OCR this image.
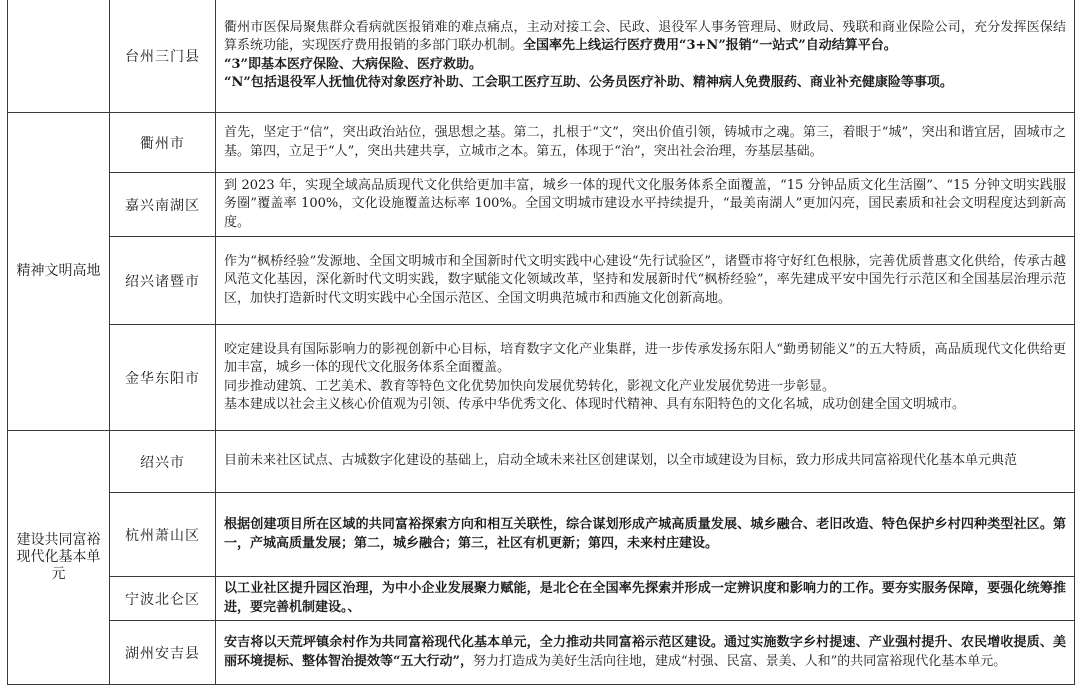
	台州三门县	衢州市医保局聚焦群众看病就医报销难的难点痛点，主动对接工会、民政、退役军人事务管理局、财政局、残联和商业保险公司，充分发挥医保结算系统功能，实现医疗费用报销的多部门联办机制。全国率先上线运行医疗费用“3+N”报销“一站式”自动结算平台。
“3”即基本医疗保险、大病保险、医疗救助。
“N”包括退役军人抚恤优待对象医疗补助、工会职工医疗互助、公务员医疗补助、精神病人免费服药、商业补充健康险等事项。

精神文明高地	衢州市	首先，坚定于“信”，突出政治站位，强思想之基。第二，扎根于“文”，突出价值引领，铸城市之魂。第三，着眼于“城”，突出和谐宜居，固城市之基。第四，立足于“人”，突出共建共享，立城市之本。第五，体现于“治”，突出社会治理，夯基层基础。
	嘉兴南湖区	到 2023 年，实现全域高品质现代文化供给更加丰富，城乡一体的现代文化服务体系全面覆盖，“15 分钟品质文化生活圈”、“15 分钟文明实践服务圈”覆盖率 100%，文化设施覆盖达标率 100%。全国文明城市建设水平持续提升，“最美南湖人”更加闪亮，国民素质和社会文明程度达到新高度。
	绍兴诸暨市	作为“枫桥经验”发源地、全国文明城市和全国新时代文明实践中心建设“先行试验区”，诸暨市将守好红色根脉，完善优质普惠文化供给，传承古越风范文化基因，深化新时代文明实践，数字赋能文化领域改革，坚持和发展新时代“枫桥经验”，率先建成平安中国先行示范区和全国基层治理示范区，加快打造新时代文明实践中心全国示范区、全国文明典范城市和西施文化创新高地。
	金华东阳市	咬定建设具有国际影响力的影视创新中心目标，培育数字文化产业集群，进一步传承发扬东阳人“勤勇韧能义”的五大特质，高品质现代文化供给更加丰富，城乡一体的现代文化服务体系全面覆盖。
同步推动建筑、工艺美术、教育等特色文化优势加快向发展优势转化，影视文化产业发展优势进一步彰显。
基本建成以社会主义核心价值观为引领、传承中华优秀文化、体现时代精神、具有东阳特色的文化名城，成功创建全国文明城市。

建设共同富裕现代化基本单元	绍兴市	目前未来社区试点、古城数字化建设的基础上，启动全域未来社区创建谋划，以全市域建设为目标，致力形成共同富裕现代化基本单元典范
	杭州萧山区	根据创建项目所在区域的共同富裕探索方向和相互关联性，综合谋划形成产城高质量发展、城乡融合、老旧改造、特色保护乡村四种类型社区。第一，产城高质量发展；第二，城乡融合；第三，社区有机更新；第四，未来村庄建设。
	宁波北仑区	以工业社区提升园区治理，为中小企业发展聚力赋能，是北仑在全国率先探索并形成一定辨识度和影响力的工作。要夯实服务保障，要强化统筹推进，要完善机制建设。、
	湖州安吉县	安吉将以天荒坪镇余村作为共同富裕现代化基本单元，全力推动共同富裕示范区建设。通过实施数字乡村提速、产业强村提升、农民增收提质、美丽环境提标、整体智治提效等“五大行动”，努力打造成为美好生活向往地，建成“村强、民富、景美、人和”的共同富裕现代化基本单元。
